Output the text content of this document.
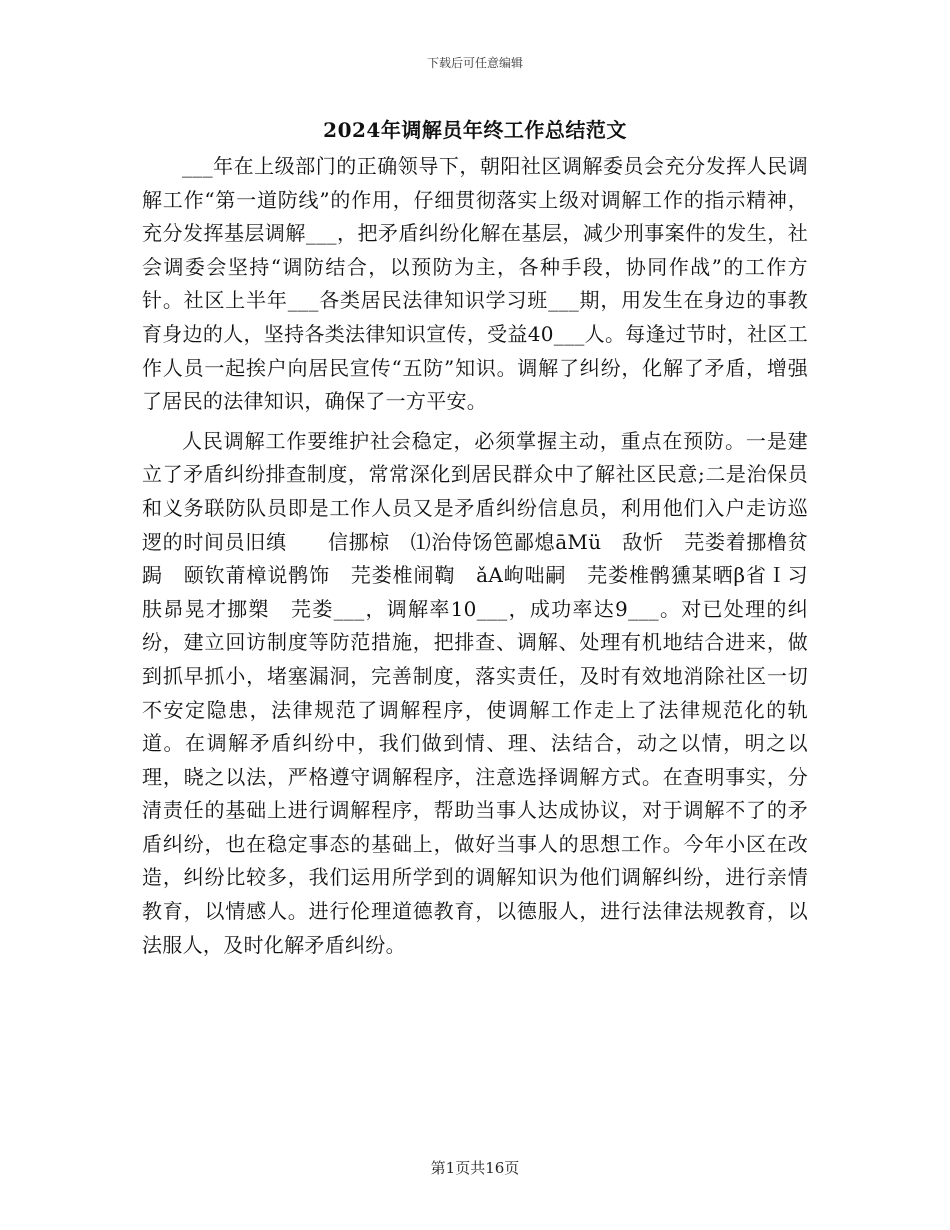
下载后可任意编辑
2024年调解员年终工作总结范文

___年在上级部门的正确领导下，朝阳社区调解委员会充分发挥人民调解工作“第一道防线”的作用，仔细贯彻落实上级对调解工作的指示精神，充分发挥基层调解___，把矛盾纠纷化解在基层，减少刑事案件的发生，社会调委会坚持“调防结合，以预防为主，各种手段，协同作战”的工作方针。社区上半年___各类居民法律知识学习班___期，用发生在身边的事教育身边的人，坚持各类法律知识宣传，受益40___人。每逢过节时，社区工作人员一起挨户向居民宣传“五防”知识。调解了纠纷，化解了矛盾，增强了居民的法律知识，确保了一方平安。

人民调解工作要维护社会稳定，必须掌握主动，重点在预防。一是建立了矛盾纠纷排查制度，常常深化到居民群众中了解社区民意;二是治保员和义务联防队员即是工作人员又是矛盾纠纷信息员，利用他们入户走访巡逻的时间员旧缜　　信挪椋　⑴治侍饧笆鄙熄āMü　敌忻　芫娄着挪橹贫跼　颐钦莆樟说鹘饰　芫娄椎闹鞫　ǎA岣咄嗣　芫娄椎鹘獯某晒β省Ｉ习肤昴晃才挪槊　芫娄___，调解率10___，成功率达9___。对已处理的纠纷，建立回访制度等防范措施，把排查、调解、处理有机地结合进来，做到抓早抓小，堵塞漏洞，完善制度，落实责任，及时有效地消除社区一切不安定隐患，法律规范了调解程序，使调解工作走上了法律规范化的轨道。在调解矛盾纠纷中，我们做到情、理、法结合，动之以情，明之以理，晓之以法，严格遵守调解程序，注意选择调解方式。在查明事实，分清责任的基础上进行调解程序，帮助当事人达成协议，对于调解不了的矛盾纠纷，也在稳定事态的基础上，做好当事人的思想工作。今年小区在改造，纠纷比较多，我们运用所学到的调解知识为他们调解纠纷，进行亲情教育，以情感人。进行伦理道德教育，以德服人，进行法律法规教育，以法服人，及时化解矛盾纠纷。

第1页共16页
